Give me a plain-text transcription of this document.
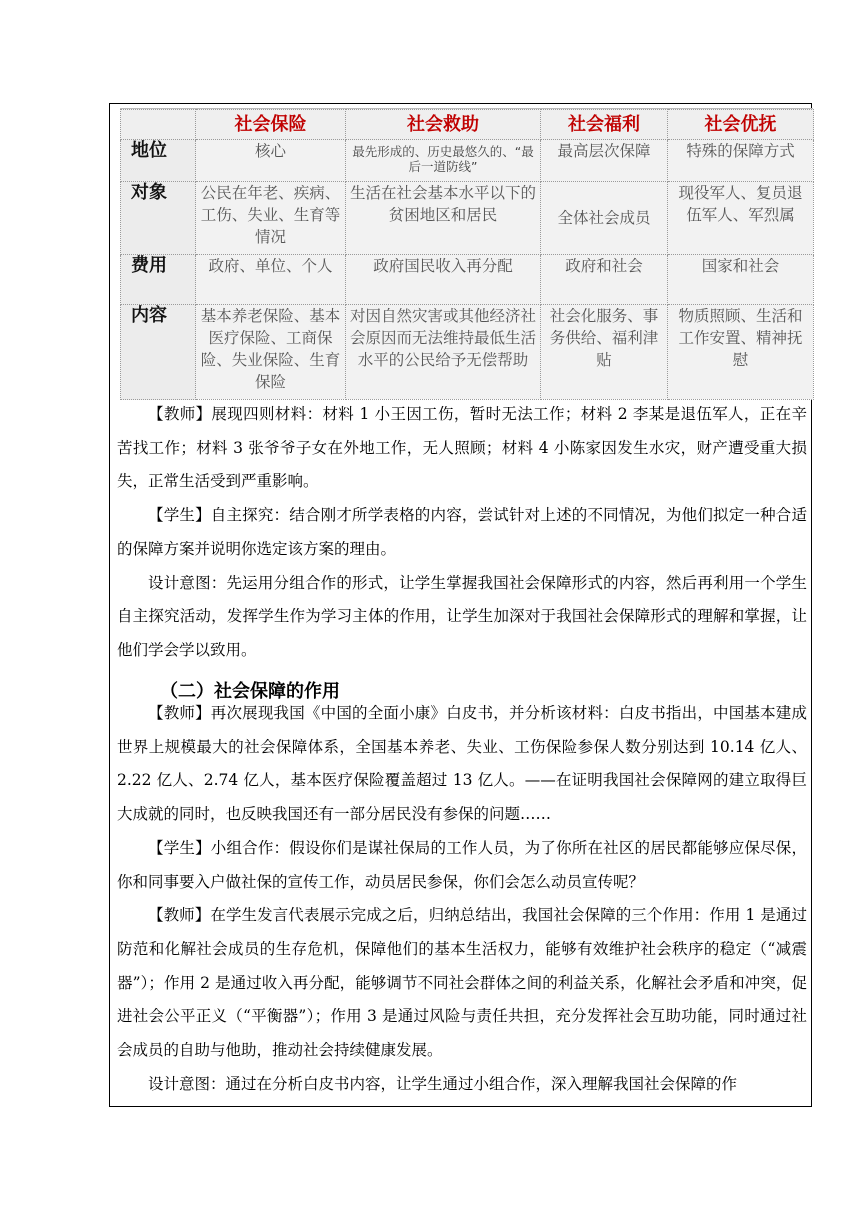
	社会保险	社会救助	社会福利	社会优抚
地位	核心	最先形成的、历史最悠久的、“最后一道防线”	最高层次保障	特殊的保障方式
对象	公民在年老、疾病、工伤、失业、生育等情况	生活在社会基本水平以下的贫困地区和居民	全体社会成员	现役军人、复员退伍军人、军烈属
费用	政府、单位、个人	政府国民收入再分配	政府和社会	国家和社会
内容	基本养老保险、基本医疗保险、工商保险、失业保险、生育保险	对因自然灾害或其他经济社会原因而无法维持最低生活水平的公民给予无偿帮助	社会化服务、事务供给、福利津贴	物质照顾、生活和工作安置、精神抚慰

【教师】展现四则材料：材料 1 小王因工伤，暂时无法工作；材料 2 李某是退伍军人，正在辛苦找工作；材料 3 张爷爷子女在外地工作，无人照顾；材料 4 小陈家因发生水灾，财产遭受重大损失，正常生活受到严重影响。

【学生】自主探究：结合刚才所学表格的内容，尝试针对上述的不同情况，为他们拟定一种合适的保障方案并说明你选定该方案的理由。

设计意图：先运用分组合作的形式，让学生掌握我国社会保障形式的内容，然后再利用一个学生自主探究活动，发挥学生作为学习主体的作用，让学生加深对于我国社会保障形式的理解和掌握，让他们学会学以致用。

（二）社会保障的作用

【教师】再次展现我国《中国的全面小康》白皮书，并分析该材料：白皮书指出，中国基本建成世界上规模最大的社会保障体系，全国基本养老、失业、工伤保险参保人数分别达到 10.14 亿人、2.22 亿人、2.74 亿人，基本医疗保险覆盖超过 13 亿人。——在证明我国社会保障网的建立取得巨大成就的同时，也反映我国还有一部分居民没有参保的问题……

【学生】小组合作：假设你们是谋社保局的工作人员，为了你所在社区的居民都能够应保尽保，你和同事要入户做社保的宣传工作，动员居民参保，你们会怎么动员宣传呢？

【教师】在学生发言代表展示完成之后，归纳总结出，我国社会保障的三个作用：作用 1 是通过防范和化解社会成员的生存危机，保障他们的基本生活权力，能够有效维护社会秩序的稳定（“减震器”）；作用 2 是通过收入再分配，能够调节不同社会群体之间的利益关系，化解社会矛盾和冲突，促进社会公平正义（“平衡器”）；作用 3 是通过风险与责任共担，充分发挥社会互助功能，同时通过社会成员的自助与他助，推动社会持续健康发展。

设计意图：通过在分析白皮书内容，让学生通过小组合作，深入理解我国社会保障的作
